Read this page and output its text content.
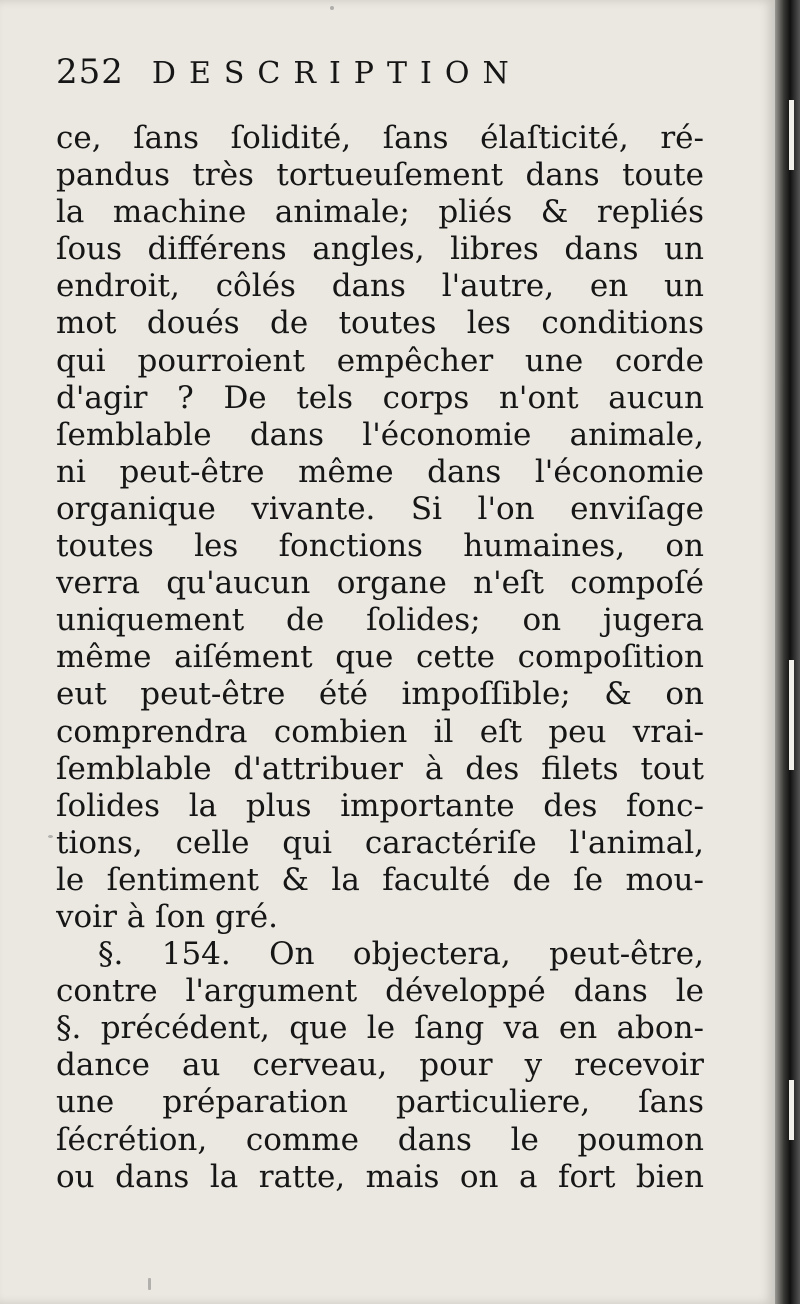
252 DESCRIPTION
ce, ſans ſolidité, ſans élaſticité, ré-
pandus très tortueuſement dans toute
la machine animale; pliés & repliés
ſous différens angles, libres dans un
endroit, côlés dans l'autre, en un
mot doués de toutes les conditions
qui pourroient empêcher une corde
d'agir ? De tels corps n'ont aucun
ſemblable dans l'économie animale,
ni peut-être même dans l'économie
organique vivante. Si l'on enviſage
toutes les fonctions humaines, on
verra qu'aucun organe n'eſt compoſé
uniquement de ſolides; on jugera
même aiſément que cette compoſition
eut peut-être été impoſſible; & on
comprendra combien il eſt peu vrai-
ſemblable d'attribuer à des filets tout
ſolides la plus importante des fonc-
tions, celle qui caractériſe l'animal,
le ſentiment & la faculté de ſe mou-
voir à ſon gré.
§. 154. On objectera, peut-être,
contre l'argument développé dans le
§. précédent, que le ſang va en abon-
dance au cerveau, pour y recevoir
une préparation particuliere, ſans
ſécrétion, comme dans le poumon
ou dans la ratte, mais on a fort bien
